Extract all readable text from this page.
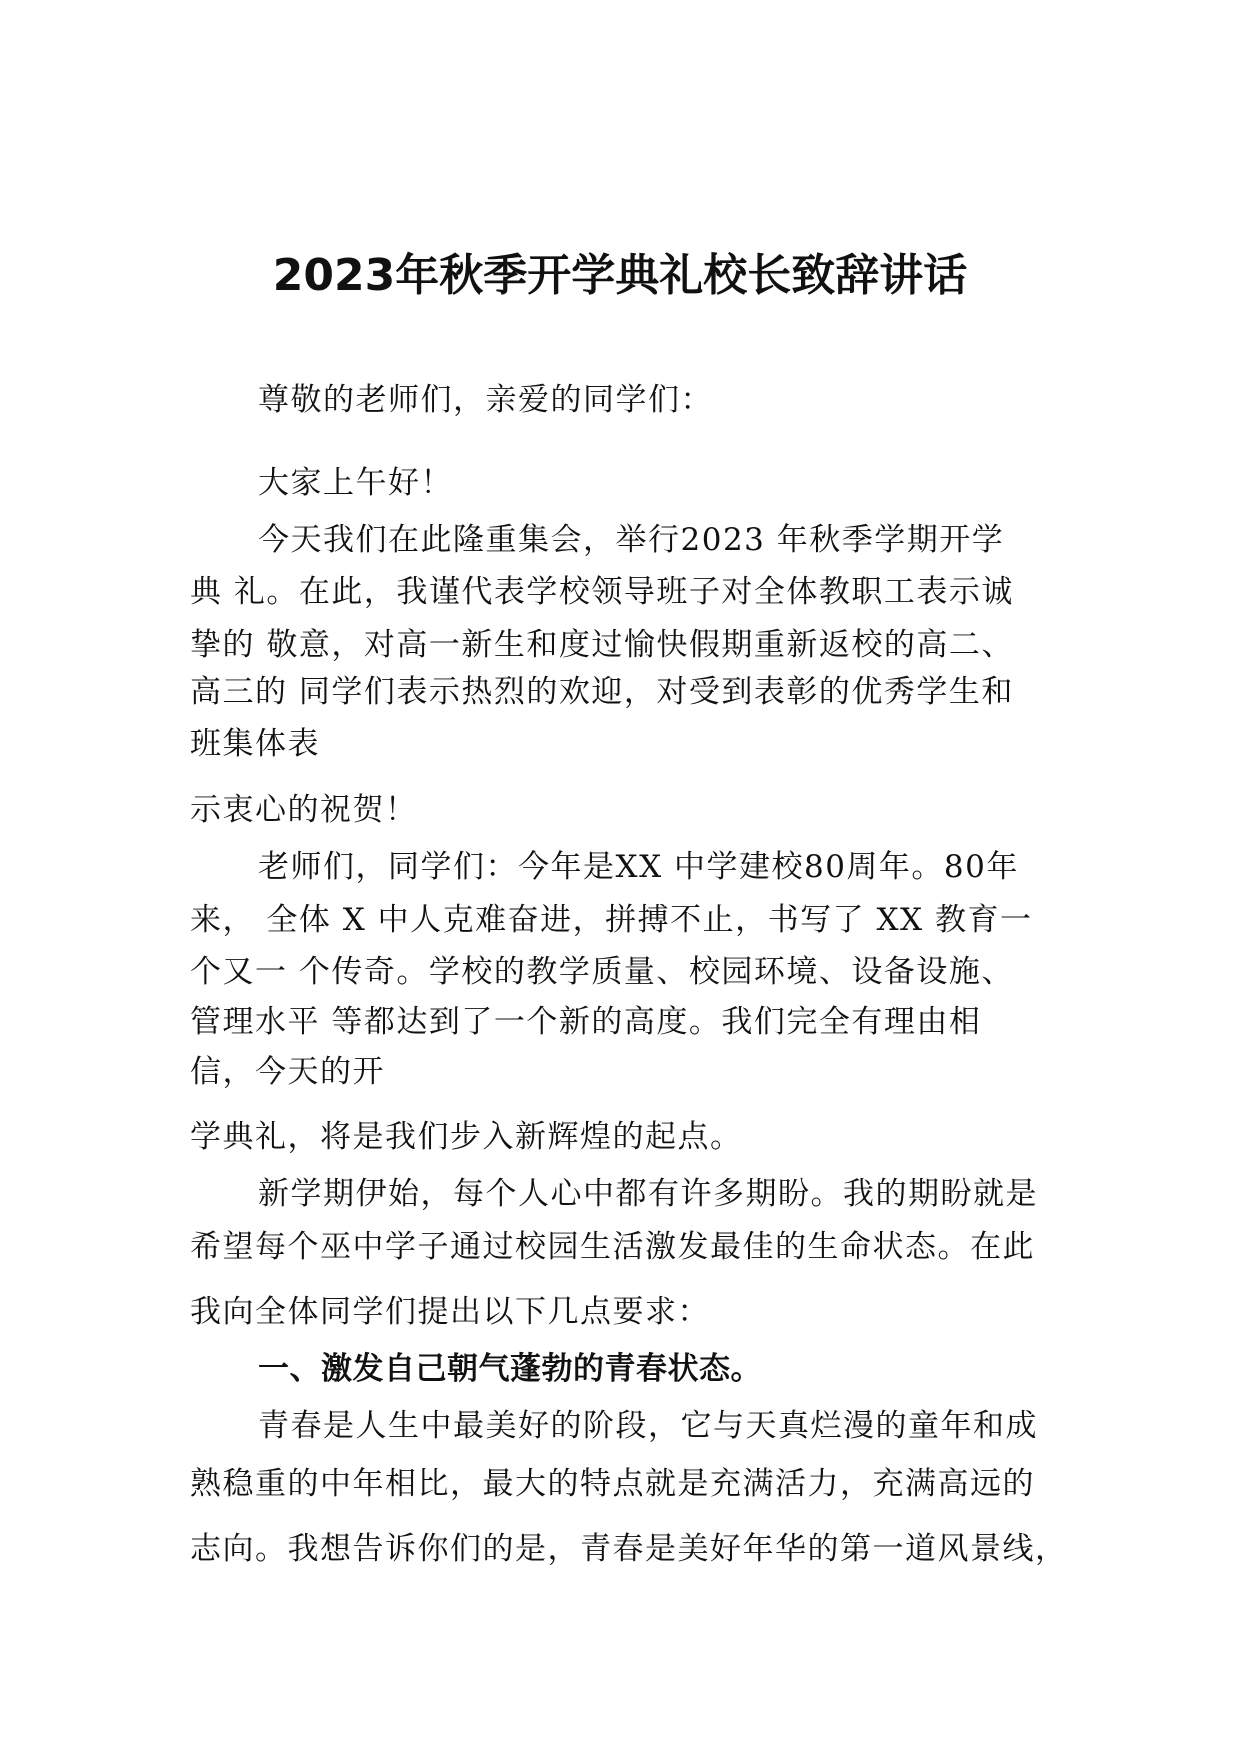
2023年秋季开学典礼校长致辞讲话
尊敬的老师们，亲爱的同学们：
大家上午好！
今天我们在此隆重集会，举行2023 年秋季学期开学
典 礼。在此，我谨代表学校领导班子对全体教职工表示诚
挚的 敬意，对高一新生和度过愉快假期重新返校的高二、
高三的 同学们表示热烈的欢迎，对受到表彰的优秀学生和
班集体表
示衷心的祝贺！
老师们，同学们：今年是XX 中学建校80周年。80年
来， 全体 X 中人克难奋进，拼搏不止，书写了 XX 教育一
个又一 个传奇。学校的教学质量、校园环境、设备设施、
管理水平 等都达到了一个新的高度。我们完全有理由相
信，今天的开
学典礼，将是我们步入新辉煌的起点。
新学期伊始，每个人心中都有许多期盼。我的期盼就是
希望每个巫中学子通过校园生活激发最佳的生命状态。在此
我向全体同学们提出以下几点要求：
一、激发自己朝气蓬勃的青春状态。
青春是人生中最美好的阶段，它与天真烂漫的童年和成
熟稳重的中年相比，最大的特点就是充满活力，充满高远的
志向。我想告诉你们的是，青春是美好年华的第一道风景线，
